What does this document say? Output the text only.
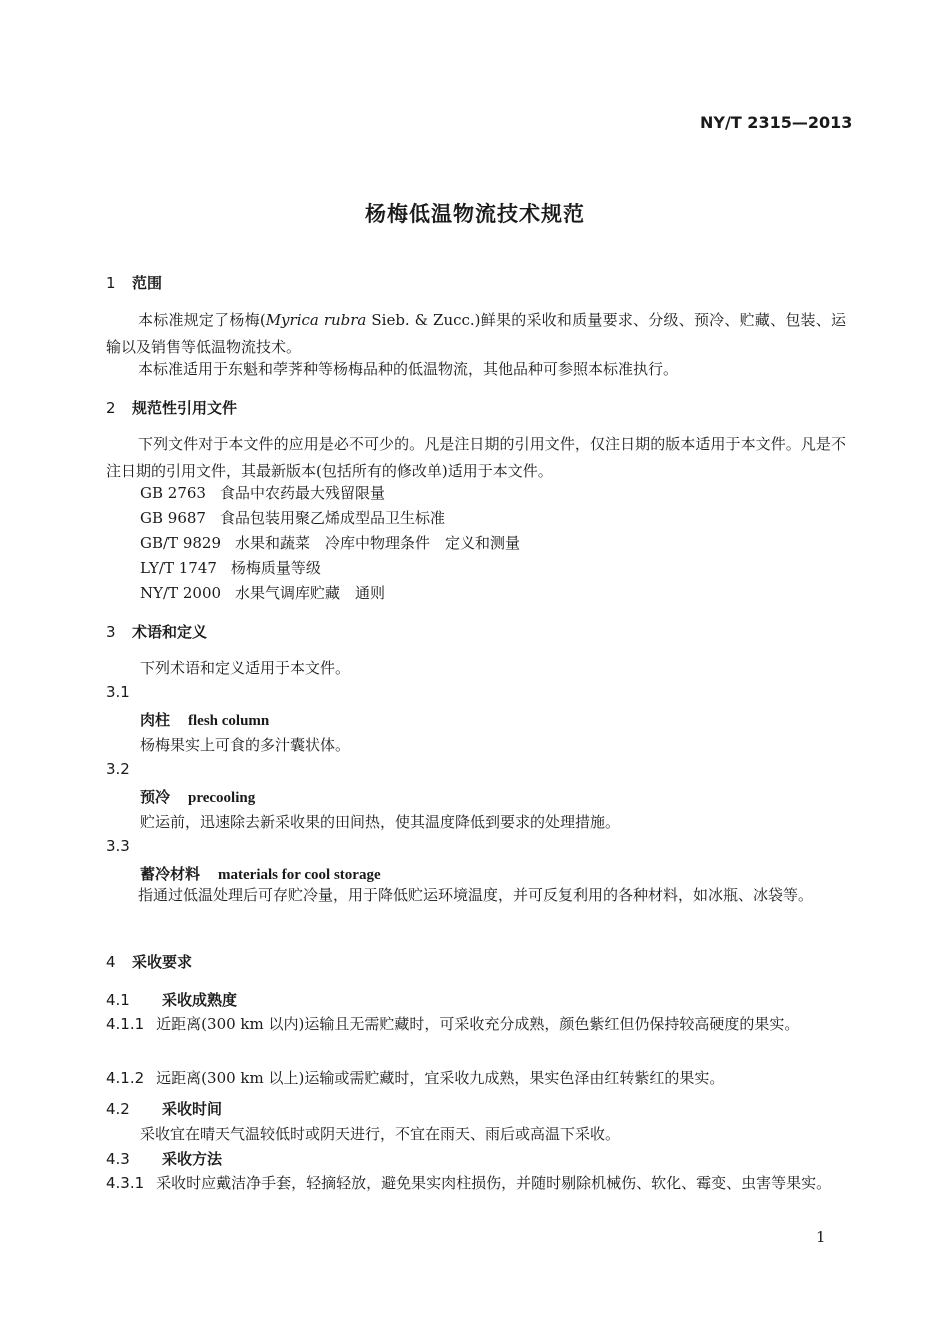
NY/T 2315—2013
杨梅低温物流技术规范
1 范围
本标准规定了杨梅(Myrica rubra Sieb. & Zucc.)鲜果的采收和质量要求、分级、预冷、贮藏、包装、运输以及销售等低温物流技术。
本标准适用于东魁和荸荠种等杨梅品种的低温物流，其他品种可参照本标准执行。
2 规范性引用文件
下列文件对于本文件的应用是必不可少的。凡是注日期的引用文件，仅注日期的版本适用于本文件。凡是不注日期的引用文件，其最新版本(包括所有的修改单)适用于本文件。
GB 2763 食品中农药最大残留限量
GB 9687 食品包装用聚乙烯成型品卫生标准
GB/T 9829 水果和蔬菜　冷库中物理条件　定义和测量
LY/T 1747 杨梅质量等级
NY/T 2000 水果气调库贮藏　通则
3 术语和定义
下列术语和定义适用于本文件。
3.1
肉柱 flesh column
杨梅果实上可食的多汁囊状体。
3.2
预冷 precooling
贮运前，迅速除去新采收果的田间热，使其温度降低到要求的处理措施。
3.3
蓄冷材料 materials for cool storage
指通过低温处理后可存贮冷量，用于降低贮运环境温度，并可反复利用的各种材料，如冰瓶、冰袋等。
4 采收要求
4.1 采收成熟度
4.1.1 近距离(300 km 以内)运输且无需贮藏时，可采收充分成熟，颜色紫红但仍保持较高硬度的果实。
4.1.2 远距离(300 km 以上)运输或需贮藏时，宜采收九成熟，果实色泽由红转紫红的果实。
4.2 采收时间
采收宜在晴天气温较低时或阴天进行，不宜在雨天、雨后或高温下采收。
4.3 采收方法
4.3.1 采收时应戴洁净手套，轻摘轻放，避免果实肉柱损伤，并随时剔除机械伤、软化、霉变、虫害等果实。
1
